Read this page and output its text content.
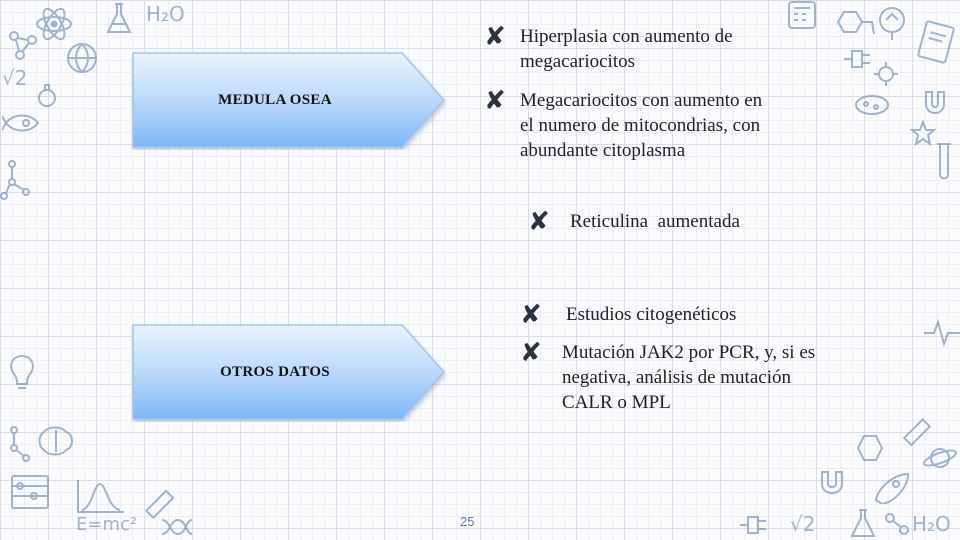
H₂O
√2
E=mc²	√2	H₂O
MEDULA OSEA
✘ Hiperplasia con aumento de megacariocitos
✘ Megacariocitos con aumento en el numero de mitocondrias, con abundante citoplasma
✘	Reticulina  aumentada
OTROS DATOS
✘	Estudios citogenéticos
✘	Mutación JAK2 por PCR, y, si es negativa, análisis de mutación CALR o MPL
25
